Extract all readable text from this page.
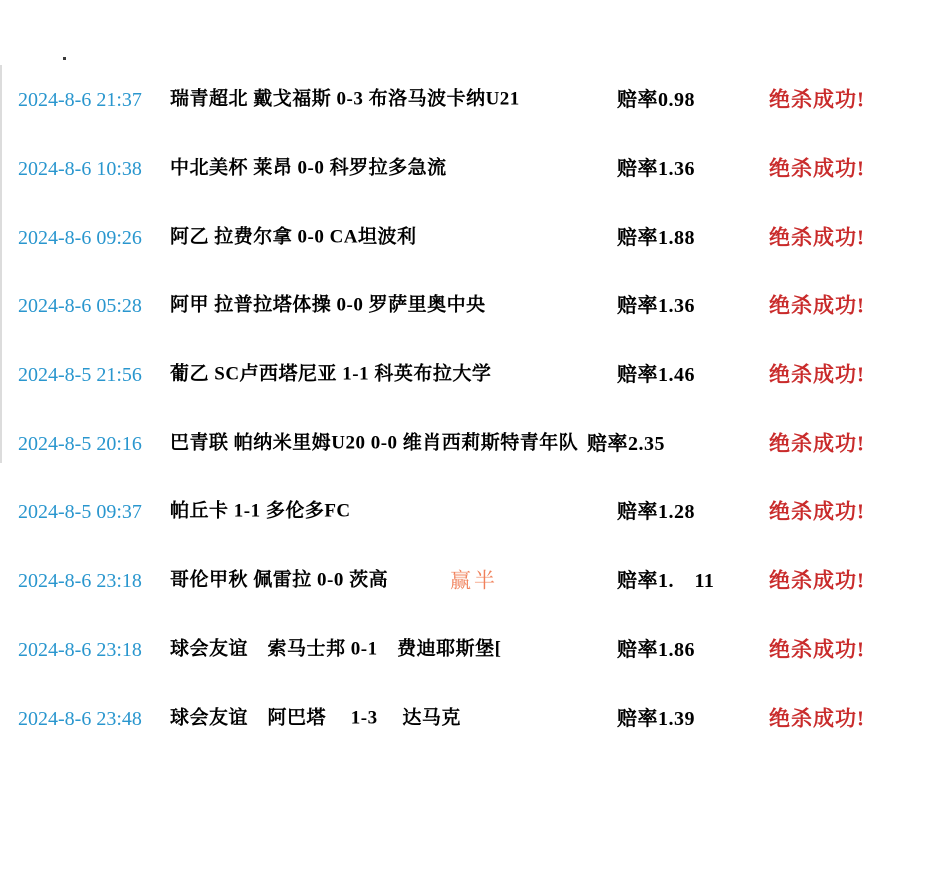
2024-8-6 21:37 瑞青超北 戴戈福斯 0-3 布洛马波卡纳U21	赔率0.98	绝杀成功!
2024-8-6 10:38 中北美杯 莱昂 0-0 科罗拉多急流	赔率1.36	绝杀成功!
2024-8-6 09:26 阿乙 拉费尔拿 0-0 CA坦波利	赔率1.88	绝杀成功!
2024-8-6 05:28 阿甲 拉普拉塔体操 0-0 罗萨里奥中央	赔率1.36	绝杀成功!
2024-8-5 21:56 葡乙 SC卢西塔尼亚 1-1 科英布拉大学	赔率1.46	绝杀成功!
2024-8-5 20:16 巴青联 帕纳米里姆U20 0-0 维肖西莉斯特青年队 赔率2.35	绝杀成功!
2024-8-5 09:37 帕丘卡 1-1 多伦多FC	赔率1.28	绝杀成功!
2024-8-6 23:18 哥伦甲秋 佩雷拉 0-0 茨高	赢半	赔率1.　11	绝杀成功!
2024-8-6 23:18 球会友谊　索马士邦 0-1　费迪耶斯堡[	赔率1.86	绝杀成功!
2024-8-6 23:48 球会友谊　阿巴塔　 1-3　 达马克	赔率1.39	绝杀成功!
